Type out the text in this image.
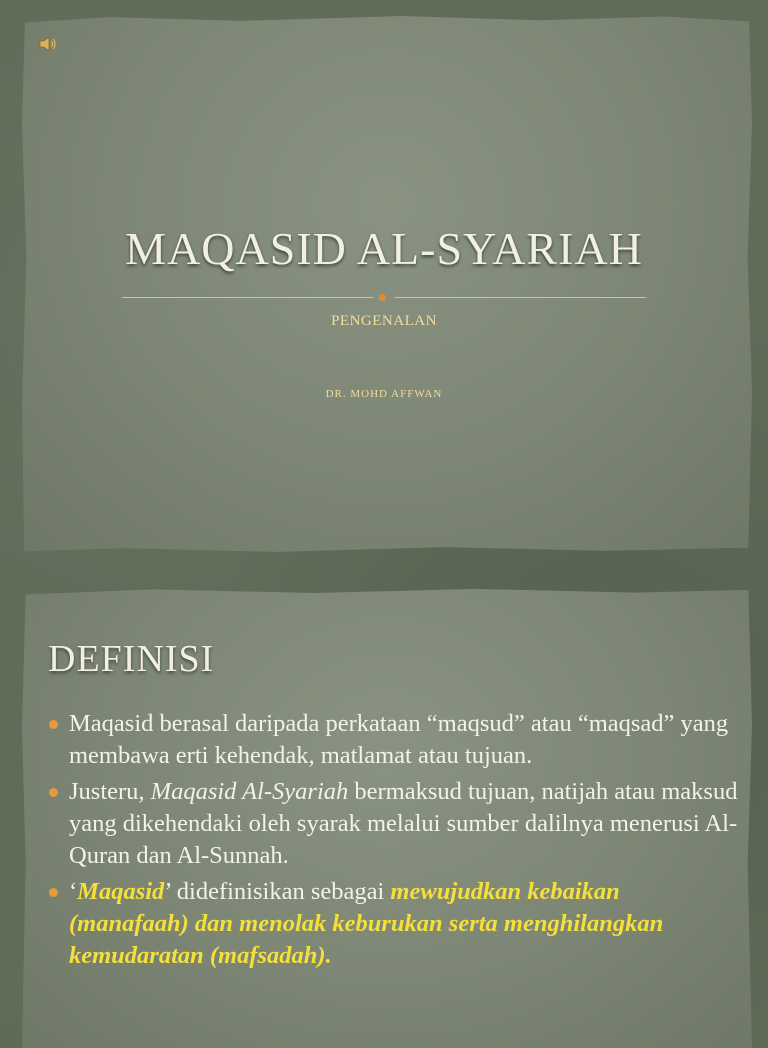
MAQASID AL-SYARIAH
PENGENALAN
DR. MOHD AFFWAN
DEFINISI
Maqasid berasal daripada perkataan “maqsud” atau “maqsad” yang membawa erti kehendak, matlamat atau tujuan.
Justeru, Maqasid Al-Syariah bermaksud tujuan, natijah atau maksud yang dikehendaki oleh syarak melalui sumber dalilnya menerusi Al-Quran dan Al-Sunnah.
‘Maqasid’ didefinisikan sebagai mewujudkan kebaikan (manafaah) dan menolak keburukan serta menghilangkan kemudaratan (mafsadah).
